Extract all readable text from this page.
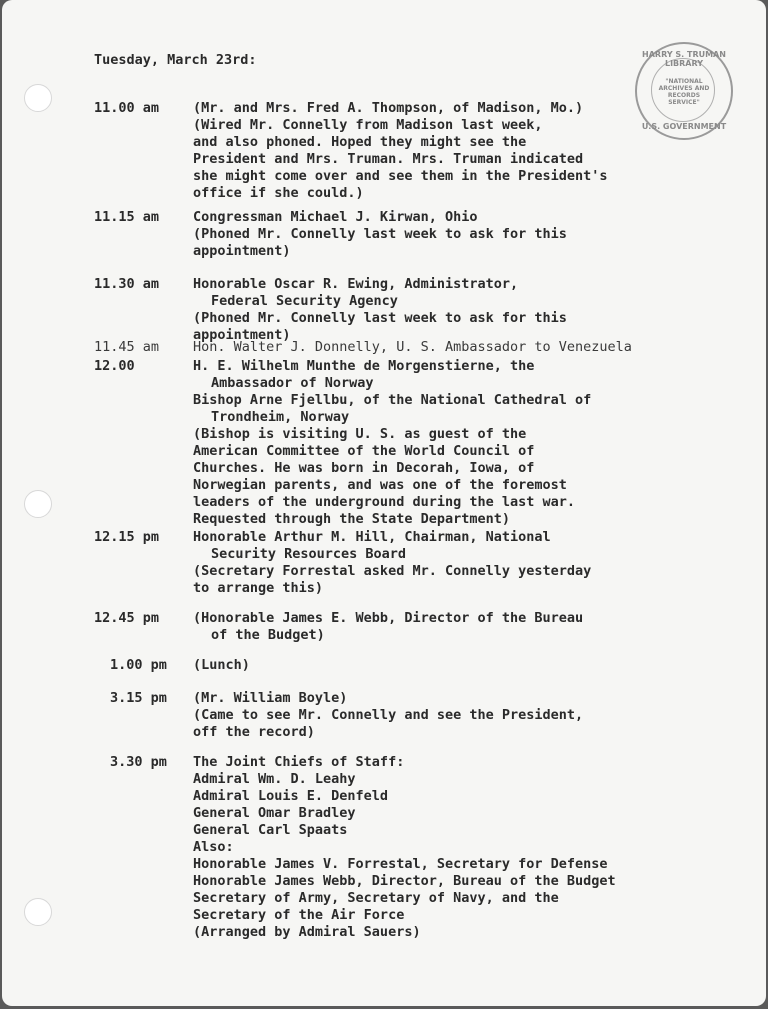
HARRY S. TRUMAN LIBRARY
"NATIONAL
ARCHIVES AND
RECORDS
SERVICE"
U.S. GOVERNMENT
Tuesday, March 23rd:
11.00 am	(Mr. and Mrs. Fred A. Thompson, of Madison, Mo.)
(Wired Mr. Connelly from Madison last week,
and also phoned. Hoped they might see the
President and Mrs. Truman. Mrs. Truman indicated
she might come over and see them in the President's
office if she could.)
11.15 am	Congressman Michael J. Kirwan, Ohio
(Phoned Mr. Connelly last week to ask for this
appointment)
11.30 am	Honorable Oscar R. Ewing, Administrator,
Federal Security Agency
(Phoned Mr. Connelly last week to ask for this
appointment)
11.45 am	Hon. Walter J. Donnelly, U. S. Ambassador to Venezuela
12.00	H. E. Wilhelm Munthe de Morgenstierne, the
Ambassador of Norway
Bishop Arne Fjellbu, of the National Cathedral of
Trondheim, Norway
(Bishop is visiting U. S. as guest of the
American Committee of the World Council of
Churches. He was born in Decorah, Iowa, of
Norwegian parents, and was one of the foremost
leaders of the underground during the last war.
Requested through the State Department)
12.15 pm	Honorable Arthur M. Hill, Chairman, National
Security Resources Board
(Secretary Forrestal asked Mr. Connelly yesterday
to arrange this)
12.45 pm	(Honorable James E. Webb, Director of the Bureau
of the Budget)
1.00 pm (Lunch)
3.15 pm (Mr. William Boyle)
(Came to see Mr. Connelly and see the President,
off the record)
3.30 pm The Joint Chiefs of Staff:
Admiral Wm. D. Leahy
Admiral Louis E. Denfeld
General Omar Bradley
General Carl Spaats
Also:
Honorable James V. Forrestal, Secretary for Defense
Honorable James Webb, Director, Bureau of the Budget
Secretary of Army, Secretary of Navy, and the
Secretary of the Air Force
(Arranged by Admiral Sauers)
